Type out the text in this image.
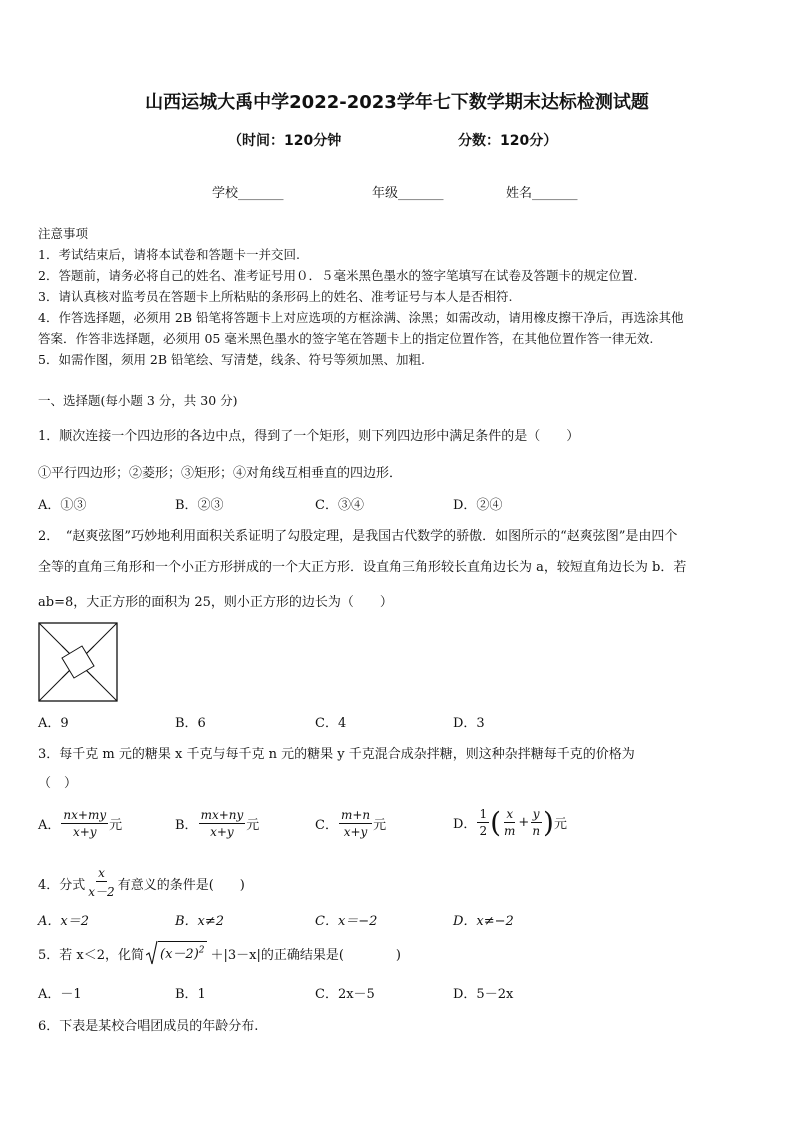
山西运城大禹中学2022-2023学年七下数学期末达标检测试题
（时间：120分钟	分数：120分）
学校_______	年级_______	姓名_______
注意事项
1．考试结束后，请将本试卷和答题卡一并交回.
2．答题前，请务必将自己的姓名、准考证号用０．５毫米黑色墨水的签字笔填写在试卷及答题卡的规定位置.
3．请认真核对监考员在答题卡上所粘贴的条形码上的姓名、准考证号与本人是否相符.
4．作答选择题，必须用 2B 铅笔将答题卡上对应选项的方框涂满、涂黑；如需改动，请用橡皮擦干净后，再选涂其他
答案．作答非选择题，必须用 05 毫米黑色墨水的签字笔在答题卡上的指定位置作答，在其他位置作答一律无效.
5．如需作图，须用 2B 铅笔绘、写清楚，线条、符号等须加黑、加粗.
一、选择题(每小题 3 分，共 30 分)
1．顺次连接一个四边形的各边中点，得到了一个矩形，则下列四边形中满足条件的是（　　）
①平行四边形；②菱形；③矩形；④对角线互相垂直的四边形．
A．①③	B．②③	C．③④	D．②④
2．　“赵爽弦图”巧妙地利用面积关系证明了勾股定理，是我国古代数学的骄傲．如图所示的“赵爽弦图”是由四个
全等的直角三角形和一个小正方形拼成的一个大正方形．设直角三角形较长直角边长为 a，较短直角边长为 b．若
ab=8，大正方形的面积为 25，则小正方形的边长为（　　）
A．9	B．6	C．4	D．3
3．每千克 m 元的糖果 x 千克与每千克 n 元的糖果 y 千克混合成杂拌糖，则这种杂拌糖每千克的价格为
（　）
A． $\frac{nx+my}{x+y}$ 元	B． $\frac{mx+ny}{x+y}$ 元	C． $\frac{m+n}{x+y}$ 元	D． $\frac{1}{2}$ ( $\frac{x}{m} + \frac{y}{n}$ ) 元
4．分式 $\frac{x}{x-2}$ 有意义的条件是(　　)
A．x＝2	B．x≠2	C．x＝−2	D．x≠−2
5．若 x＜2，化简 $(x-2)^2 +|3-x|$的正确结果是(　　　　)
A．－1	B．1	C．2x－5	D．5－2x
6．下表是某校合唱团成员的年龄分布.
